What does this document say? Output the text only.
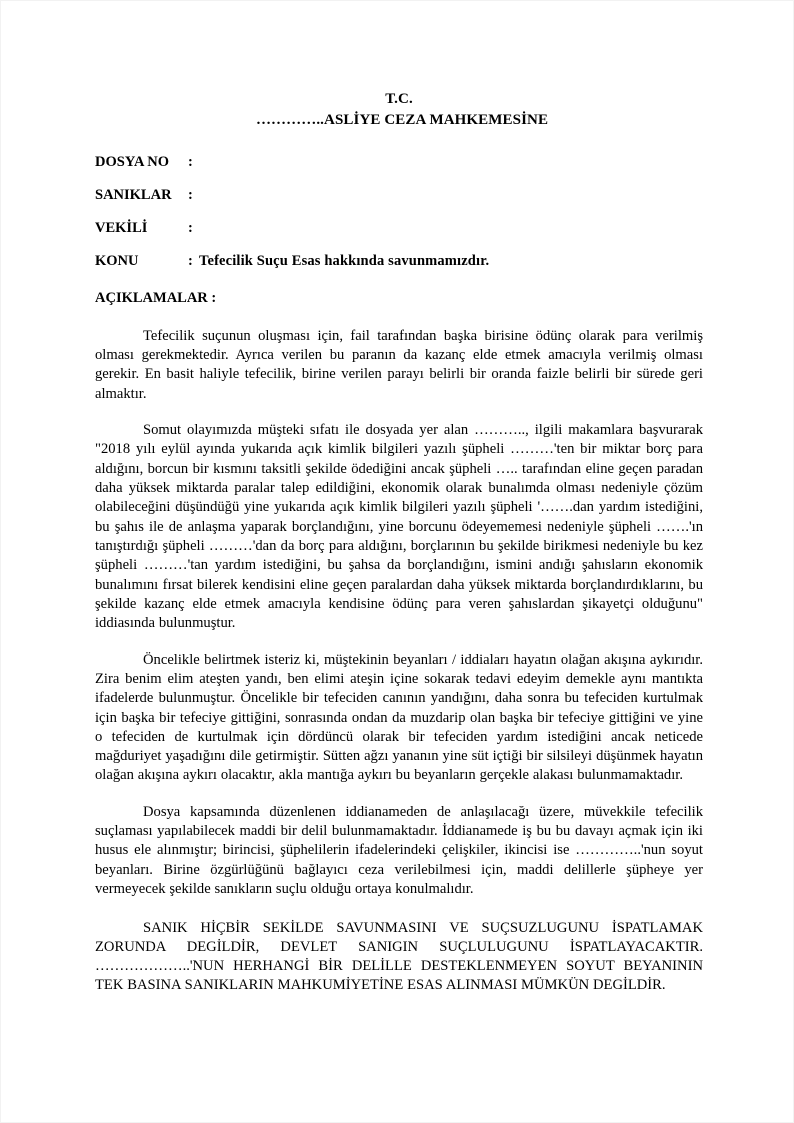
T.C.
…………..ASLİYE CEZA MAHKEMESİNE
DOSYA NO	:
SANIKLAR	:
VEKİLİ	:
KONU	: Tefecilik Suçu Esas hakkında savunmamızdır.
AÇIKLAMALAR :

Tefecilik suçunun oluşması için, fail tarafından başka birisine ödünç olarak para verilmiş olması gerekmektedir. Ayrıca verilen bu paranın da kazanç elde etmek amacıyla verilmiş olması gerekir. En basit haliyle tefecilik, birine verilen parayı belirli bir oranda faizle belirli bir sürede geri almaktır.

Somut olayımızda müşteki sıfatı ile dosyada yer alan ……….., ilgili makamlara başvurarak "2018 yılı eylül ayında yukarıda açık kimlik bilgileri yazılı şüpheli ………'ten bir miktar borç para aldığını, borcun bir kısmını taksitli şekilde ödediğini ancak şüpheli ….. tarafından eline geçen paradan daha yüksek miktarda paralar talep edildiğini, ekonomik olarak bunalımda olması nedeniyle çözüm olabileceğini düşündüğü yine yukarıda açık kimlik bilgileri yazılı şüpheli '…….dan yardım istediğini, bu şahıs ile de anlaşma yaparak borçlandığını, yine borcunu ödeyememesi nedeniyle şüpheli …….'ın tanıştırdığı şüpheli ………'dan da borç para aldığını, borçlarının bu şekilde birikmesi nedeniyle bu kez şüpheli ………'tan yardım istediğini, bu şahsa da borçlandığını, ismini andığı şahısların ekonomik bunalımını fırsat bilerek kendisini eline geçen paralardan daha yüksek miktarda borçlandırdıklarını, bu şekilde kazanç elde etmek amacıyla kendisine ödünç para veren şahıslardan şikayetçi olduğunu" iddiasında bulunmuştur.

Öncelikle belirtmek isteriz ki, müştekinin beyanları / iddiaları hayatın olağan akışına aykırıdır. Zira benim elim ateşten yandı, ben elimi ateşin içine sokarak tedavi edeyim demekle aynı mantıkta ifadelerde bulunmuştur. Öncelikle bir tefeciden canının yandığını, daha sonra bu tefeciden kurtulmak için başka bir tefeciye gittiğini, sonrasında ondan da muzdarip olan başka bir tefeciye gittiğini ve yine o tefeciden de kurtulmak için dördüncü olarak bir tefeciden yardım istediğini ancak neticede mağduriyet yaşadığını dile getirmiştir. Sütten ağzı yananın yine süt içtiği bir silsileyi düşünmek hayatın olağan akışına aykırı olacaktır, akla mantığa aykırı bu beyanların gerçekle alakası bulunmamaktadır.

Dosya kapsamında düzenlenen iddianameden de anlaşılacağı üzere, müvekkile tefecilik suçlaması yapılabilecek maddi bir delil bulunmamaktadır. İddianamede iş bu bu davayı açmak için iki husus ele alınmıştır; birincisi, şüphelilerin ifadelerindeki çelişkiler, ikincisi ise …………..'nun soyut beyanları. Birine özgürlüğünü bağlayıcı ceza verilebilmesi için, maddi delillerle şüpheye yer vermeyecek şekilde sanıkların suçlu olduğu ortaya konulmalıdır.

SANIK HİÇBİR SEKİLDE SAVUNMASINI VE SUÇSUZLUGUNU İSPATLAMAK ZORUNDA DEGİLDİR, DEVLET SANIGIN SUÇLULUGUNU İSPATLAYACAKTIR. ………………..'NUN HERHANGİ BİR DELİLLE DESTEKLENMEYEN SOYUT BEYANININ TEK BASINA SANIKLARIN MAHKUMİYETİNE ESAS ALINMASI MÜMKÜN DEGİLDİR.
